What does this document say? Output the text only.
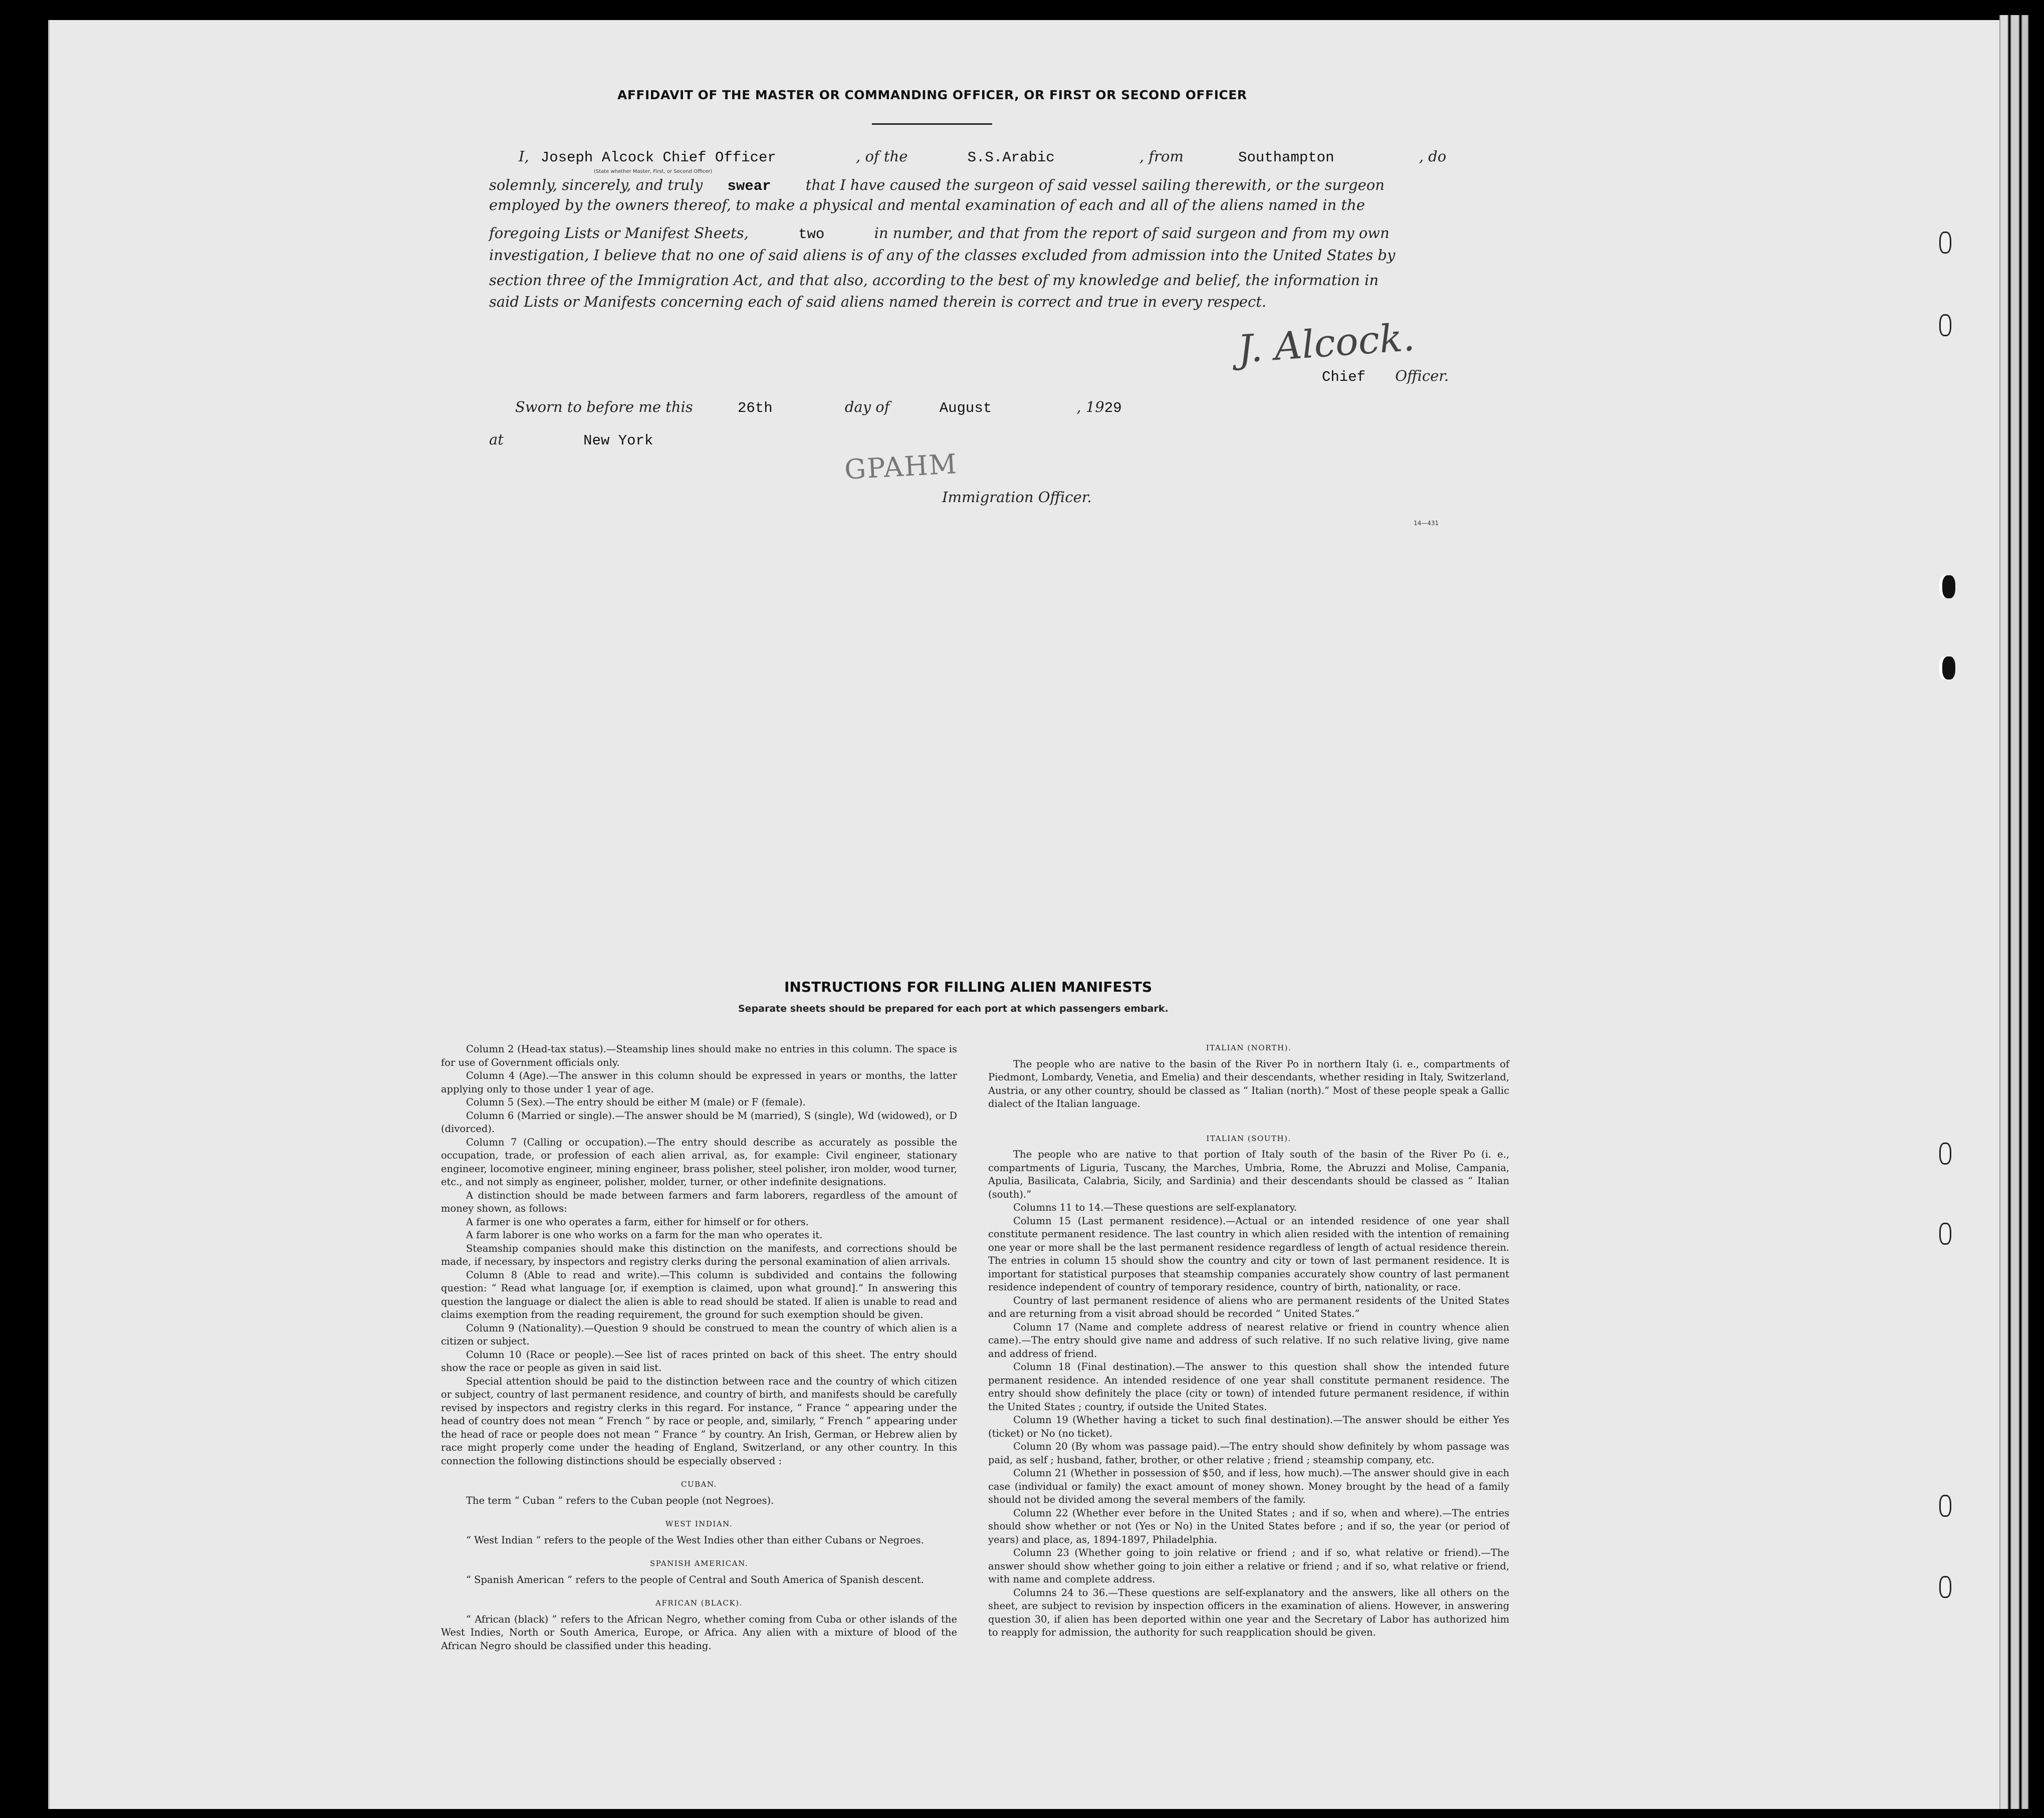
AFFIDAVIT OF THE MASTER OR COMMANDING OFFICER, OR FIRST OR SECOND OFFICER
I, Joseph Alcock Chief Officer	, of the	S.S.Arabic	, from	Southampton	, do
(State whether Master, First, or Second Officer)
solemnly, sincerely, and truly swear that I have caused the surgeon of said vessel sailing therewith, or the surgeon
employed by the owners thereof, to make a physical and mental examination of each and all of the aliens named in the
foregoing Lists or Manifest Sheets,	two	in number, and that from the report of said surgeon and from my own
investigation, I believe that no one of said aliens is of any of the classes excluded from admission into the United States by
section three of the Immigration Act, and that also, according to the best of my knowledge and belief, the information in
said Lists or Manifests concerning each of said aliens named therein is correct and true in every respect.
J. Alcock.
Chief Officer.
Sworn to before me this	26th	day of	August	, 1929
at	New York
GPAHM
Immigration Officer.
14—431
INSTRUCTIONS FOR FILLING ALIEN MANIFESTS
Separate sheets should be prepared for each port at which passengers embark.

Column 2 (Head-tax status).—Steamship lines should make no entries in this column. The space is for use of Government officials only.

Column 4 (Age).—The answer in this column should be expressed in years or months, the latter applying only to those under 1 year of age.

Column 5 (Sex).—The entry should be either M (male) or F (female).

Column 6 (Married or single).—The answer should be M (married), S (single), Wd (widowed), or D (divorced).

Column 7 (Calling or occupation).—The entry should describe as accurately as possible the occupation, trade, or profession of each alien arrival, as, for example: Civil engineer, stationary engineer, locomotive engineer, mining engineer, brass polisher, steel polisher, iron molder, wood turner, etc., and not simply as engineer, polisher, molder, turner, or other indefinite designations.

A distinction should be made between farmers and farm laborers, regardless of the amount of money shown, as follows:

A farmer is one who operates a farm, either for himself or for others.

A farm laborer is one who works on a farm for the man who operates it.

Steamship companies should make this distinction on the manifests, and corrections should be made, if necessary, by inspectors and registry clerks during the personal examination of alien arrivals.

Column 8 (Able to read and write).—This column is subdivided and contains the following question: “ Read what language [or, if exemption is claimed, upon what ground].” In answering this question the language or dialect the alien is able to read should be stated. If alien is unable to read and claims exemption from the reading requirement, the ground for such exemption should be given.

Column 9 (Nationality).—Question 9 should be construed to mean the country of which alien is a citizen or subject.

Column 10 (Race or people).—See list of races printed on back of this sheet. The entry should show the race or people as given in said list.

Special attention should be paid to the distinction between race and the country of which citizen or subject, country of last permanent residence, and country of birth, and manifests should be carefully revised by inspectors and registry clerks in this regard. For instance, “ France ” appearing under the head of country does not mean “ French ” by race or people, and, similarly, “ French ” appearing under the head of race or people does not mean “ France ” by country. An Irish, German, or Hebrew alien by race might properly come under the heading of England, Switzerland, or any other country. In this connection the following distinctions should be especially observed :

CUBAN.

The term “ Cuban ” refers to the Cuban people (not Negroes).

WEST INDIAN.

“ West Indian ” refers to the people of the West Indies other than either Cubans or Negroes.

SPANISH AMERICAN.

“ Spanish American ” refers to the people of Central and South America of Spanish descent.

AFRICAN (BLACK).

“ African (black) ” refers to the African Negro, whether coming from Cuba or other islands of the West Indies, North or South America, Europe, or Africa. Any alien with a mixture of blood of the African Negro should be classified under this heading.

ITALIAN (NORTH).

The people who are native to the basin of the River Po in northern Italy (i. e., compartments of Piedmont, Lombardy, Venetia, and Emelia) and their descendants, whether residing in Italy, Switzerland, Austria, or any other country, should be classed as “ Italian (north).” Most of these people speak a Gallic dialect of the Italian language.

ITALIAN (SOUTH).

The people who are native to that portion of Italy south of the basin of the River Po (i. e., compartments of Liguria, Tuscany, the Marches, Umbria, Rome, the Abruzzi and Molise, Campania, Apulia, Basilicata, Calabria, Sicily, and Sardinia) and their descendants should be classed as “ Italian (south).”

Columns 11 to 14.—These questions are self-explanatory.

Column 15 (Last permanent residence).—Actual or an intended residence of one year shall constitute permanent residence. The last country in which alien resided with the intention of remaining one year or more shall be the last permanent residence regardless of length of actual residence therein. The entries in column 15 should show the country and city or town of last permanent residence. It is important for statistical purposes that steamship companies accurately show country of last permanent residence independent of country of temporary residence, country of birth, nationality, or race.

Country of last permanent residence of aliens who are permanent residents of the United States and are returning from a visit abroad should be recorded “ United States.”

Column 17 (Name and complete address of nearest relative or friend in country whence alien came).—The entry should give name and address of such relative. If no such relative living, give name and address of friend.

Column 18 (Final destination).—The answer to this question shall show the intended future permanent residence. An intended residence of one year shall constitute permanent residence. The entry should show definitely the place (city or town) of intended future permanent residence, if within the United States ; country, if outside the United States.

Column 19 (Whether having a ticket to such final destination).—The answer should be either Yes (ticket) or No (no ticket).

Column 20 (By whom was passage paid).—The entry should show definitely by whom passage was paid, as self ; husband, father, brother, or other relative ; friend ; steamship company, etc.

Column 21 (Whether in possession of $50, and if less, how much).—The answer should give in each case (individual or family) the exact amount of money shown. Money brought by the head of a family should not be divided among the several members of the family.

Column 22 (Whether ever before in the United States ; and if so, when and where).—The entries should show whether or not (Yes or No) in the United States before ; and if so, the year (or period of years) and place, as, 1894-1897, Philadelphia.

Column 23 (Whether going to join relative or friend ; and if so, what relative or friend).—The answer should show whether going to join either a relative or friend ; and if so, what relative or friend, with name and complete address.

Columns 24 to 36.—These questions are self-explanatory and the answers, like all others on the sheet, are subject to revision by inspection officers in the examination of aliens. However, in answering question 30, if alien has been deported within one year and the Secretary of Labor has authorized him to reapply for admission, the authority for such reapplication should be given.
